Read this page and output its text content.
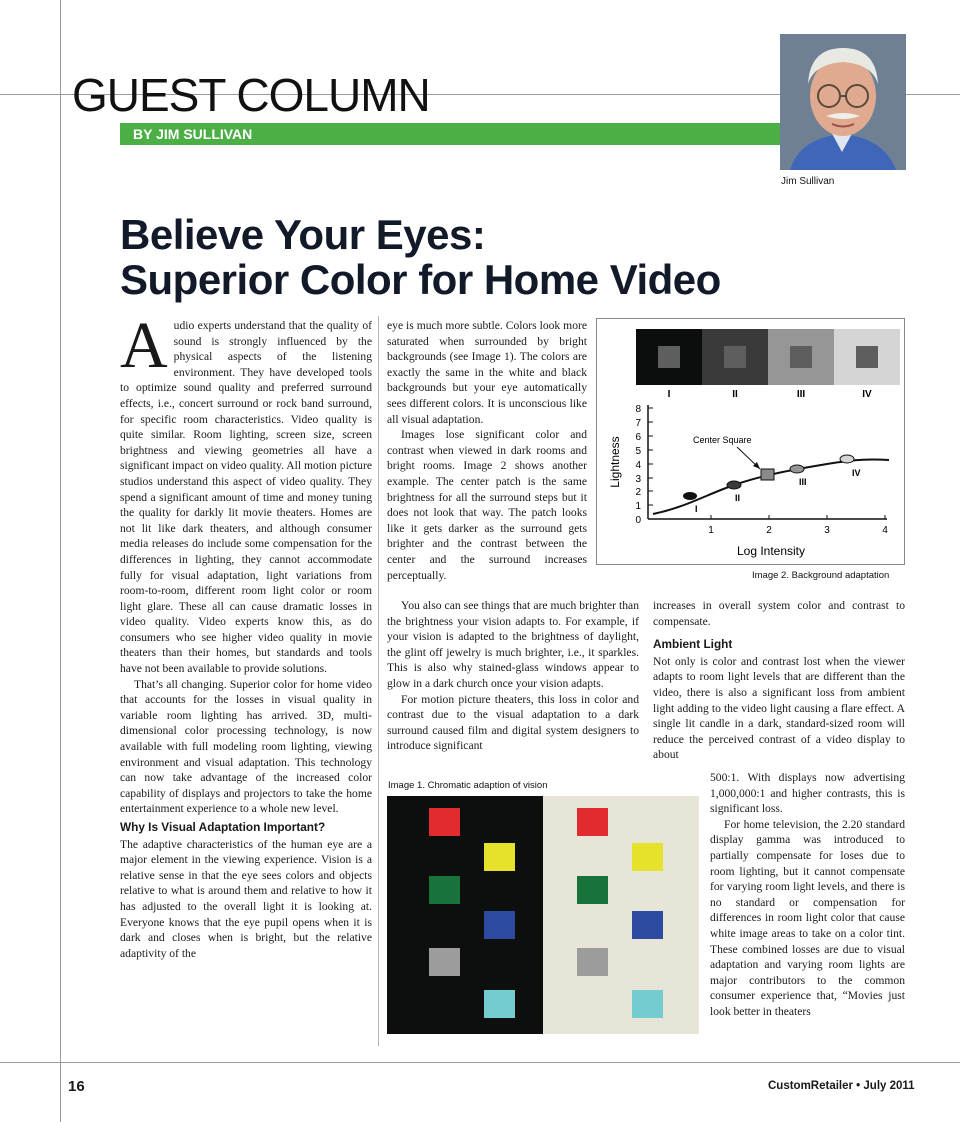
GUEST COLUMN
BY JIM SULLIVAN
Jim Sullivan
Believe Your Eyes:
Superior Color for Home Video

Audio experts understand that the quality of sound is strongly influenced by the physical aspects of the listening environment. They have developed tools to optimize sound quality and preferred surround effects, i.e., concert surround or rock band surround, for specific room characteristics. Video quality is quite similar. Room lighting, screen size, screen brightness and viewing geometries all have a significant impact on video quality. All motion picture studios understand this aspect of video quality. They spend a significant amount of time and money tuning the quality for darkly lit movie theaters. Homes are not lit like dark theaters, and although consumer media releases do include some compensation for the differences in lighting, they cannot accommodate fully for visual adaptation, light variations from room-to-room, different room light color or room light glare. These all can cause dramatic losses in video quality. Video experts know this, as do consumers who see higher video quality in movie theaters than their homes, but standards and tools have not been available to provide solutions.

That’s all changing. Superior color for home video that accounts for the losses in visual quality in variable room lighting has arrived. 3D, multi-dimensional color processing technology, is now available with full modeling room lighting, viewing environment and visual adaptation. This technology can now take advantage of the increased color capability of displays and projectors to take the home entertainment experience to a whole new level.

Why Is Visual Adaptation Important?

The adaptive characteristics of the human eye are a major element in the viewing experience. Vision is a relative sense in that the eye sees colors and objects relative to what is around them and relative to how it has adjusted to the overall light it is looking at. Everyone knows that the eye pupil opens when it is dark and closes when is bright, but the relative adaptivity of the

eye is much more subtle. Colors look more saturated when surrounded by bright backgrounds (see Image 1). The colors are exactly the same in the white and black backgrounds but your eye automatically sees different colors. It is unconscious like all visual adaptation.

Images lose significant color and contrast when viewed in dark rooms and bright rooms. Image 2 shows another example. The center patch is the same brightness for all the surround steps but it does not look that way. The patch looks like it gets darker as the surround gets brighter and the contrast between the center and the surround increases perceptually.

You also can see things that are much brighter than the brightness your vision adapts to. For example, if your vision is adapted to the brightness of daylight, the glint off jewelry is much brighter, i.e., it sparkles. This is also why stained-glass windows appear to glow in a dark church once your vision adapts.

For motion picture theaters, this loss in color and contrast due to the visual adaptation to a dark surround caused film and digital system designers to introduce significant

increases in overall system color and contrast to compensate.

Ambient Light

Not only is color and contrast lost when the viewer adapts to room light levels that are different than the video, there is also a significant loss from ambient light adding to the video light causing a flare effect. A single lit candle in a dark, standard-sized room will reduce the perceived contrast of a video display to about

500:1. With displays now advertising 1,000,000:1 and higher contrasts, this is significant loss.

For home television, the 2.20 standard display gamma was introduced to partially compensate for loses due to room lighting, but it cannot compensate for varying room light levels, and there is no standard or compensation for differences in room light color that cause white image areas to take on a color tint. These combined losses are due to visual adaptation and varying room lights are major contributors to the common consumer experience that, “Movies just look better in theaters

Image 1. Chromatic adaption of vision
I	II	III	IV
0
1
2
3
4
5
6
7
8
1	2	3	4
Log Intensity
Lightness
I
II
III
IV
Center Square
Image 2. Background adaptation
16	CustomRetailer • July 2011
